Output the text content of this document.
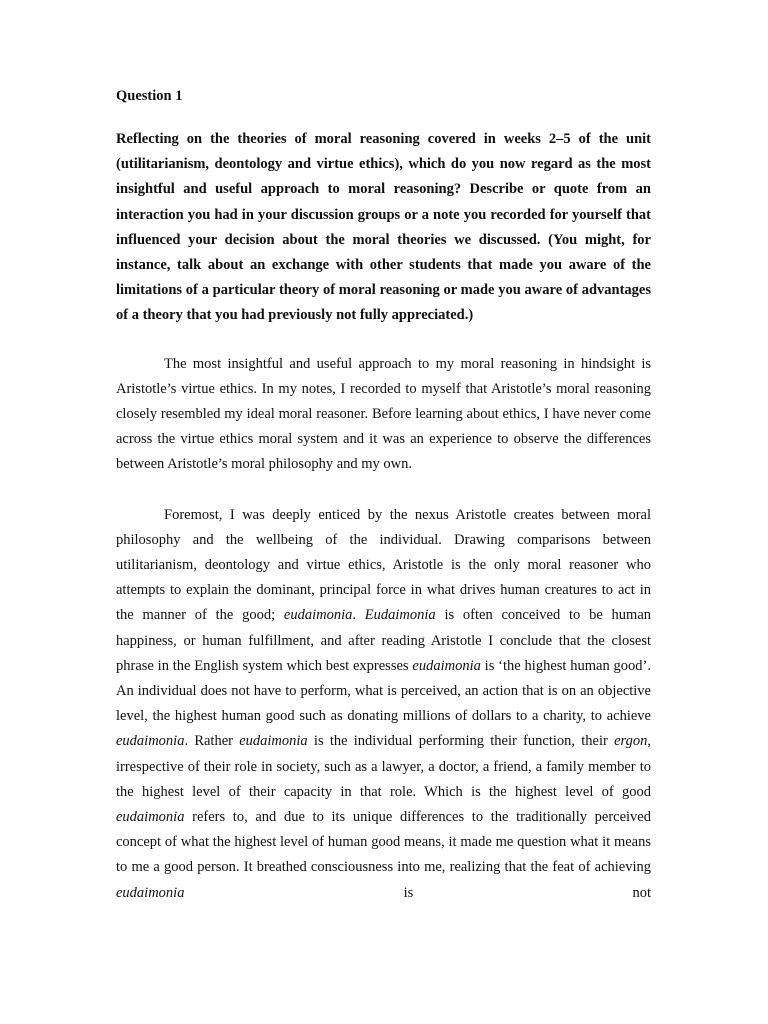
Question 1
Reflecting on the theories of moral reasoning covered in weeks 2–5 of the unit (utilitarianism, deontology and virtue ethics), which do you now regard as the most insightful and useful approach to moral reasoning? Describe or quote from an interaction you had in your discussion groups or a note you recorded for yourself that influenced your decision about the moral theories we discussed. (You might, for instance, talk about an exchange with other students that made you aware of the limitations of a particular theory of moral reasoning or made you aware of advantages of a theory that you had previously not fully appreciated.)

The most insightful and useful approach to my moral reasoning in hindsight is Aristotle’s virtue ethics. In my notes, I recorded to myself that Aristotle’s moral reasoning closely resembled my ideal moral reasoner. Before learning about ethics, I have never come across the virtue ethics moral system and it was an experience to observe the differences between Aristotle’s moral philosophy and my own.

Foremost, I was deeply enticed by the nexus Aristotle creates between moral philosophy and the wellbeing of the individual. Drawing comparisons between utilitarianism, deontology and virtue ethics, Aristotle is the only moral reasoner who attempts to explain the dominant, principal force in what drives human creatures to act in the manner of the good; eudaimonia. Eudaimonia is often conceived to be human happiness, or human fulfillment, and after reading Aristotle I conclude that the closest phrase in the English system which best expresses eudaimonia is ‘the highest human good’. An individual does not have to perform, what is perceived, an action that is on an objective level, the highest human good such as donating millions of dollars to a charity, to achieve eudaimonia. Rather eudaimonia is the individual performing their function, their ergon, irrespective of their role in society, such as a lawyer, a doctor, a friend, a family member to the highest level of their capacity in that role. Which is the highest level of good eudaimonia refers to, and due to its unique differences to the traditionally perceived concept of what the highest level of human good means, it made me question what it means to me a good person. It breathed consciousness into me, realizing that the feat of achieving eudaimonia is not
